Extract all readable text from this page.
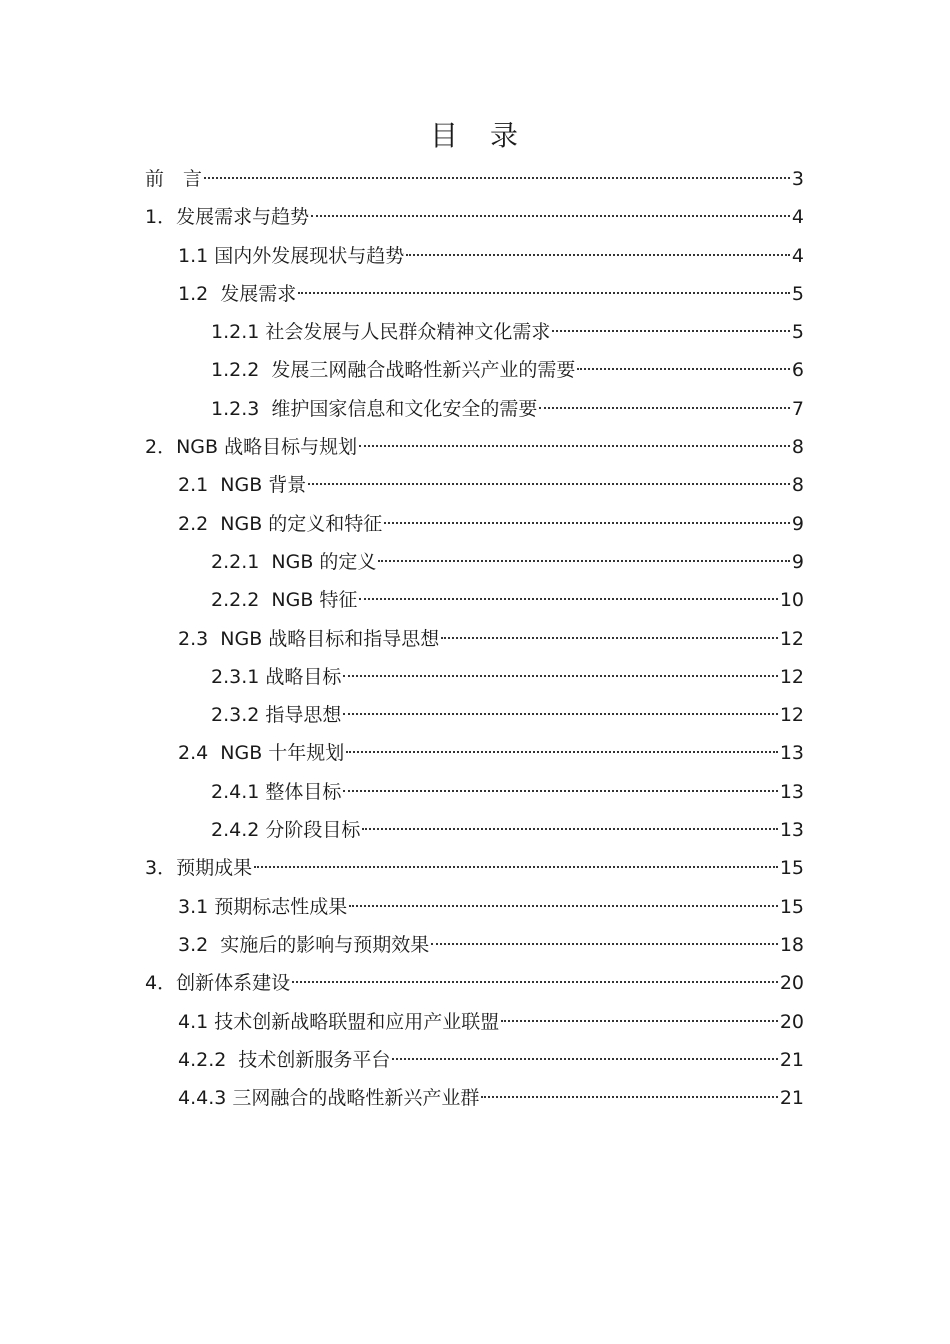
目　录
前　言	3
1．发展需求与趋势	4
1.1 国内外发展现状与趋势	4
1.2  发展需求	5
1.2.1 社会发展与人民群众精神文化需求	5
1.2.2  发展三网融合战略性新兴产业的需要	6
1.2.3  维护国家信息和文化安全的需要	7
2．NGB 战略目标与规划	8
2.1  NGB 背景	8
2.2  NGB 的定义和特征	9
2.2.1  NGB 的定义	9
2.2.2  NGB 特征	10
2.3  NGB 战略目标和指导思想	12
2.3.1 战略目标	12
2.3.2 指导思想	12
2.4  NGB 十年规划	13
2.4.1 整体目标	13
2.4.2 分阶段目标	13
3．预期成果	15
3.1 预期标志性成果	15
3.2  实施后的影响与预期效果	18
4．创新体系建设	20
4.1 技术创新战略联盟和应用产业联盟	20
4.2.2  技术创新服务平台	21
4.4.3 三网融合的战略性新兴产业群	21
